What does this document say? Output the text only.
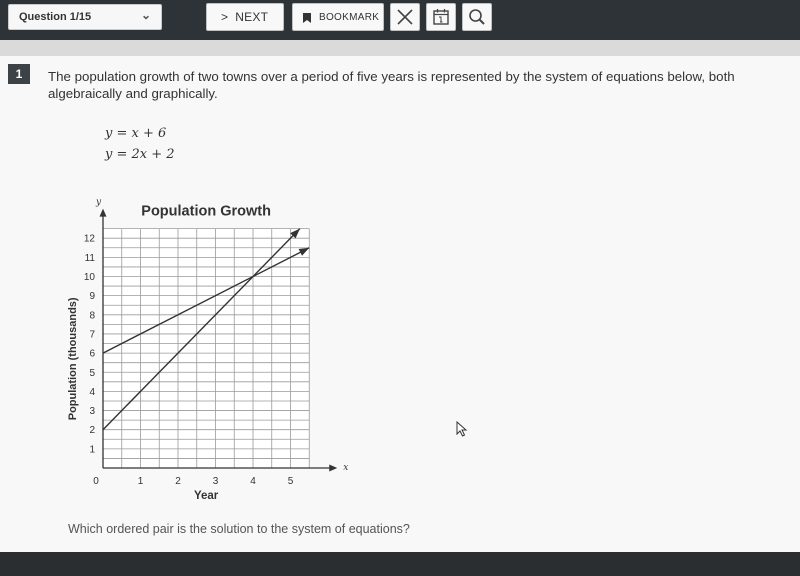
Question 1/15	⌄	> NEXT	BOOKMARK
1	The population growth of two towns over a period of five years is represented by the system of equations below, both algebraically and graphically.
y = x + 6
y = 2x + 2
x
y
0	1	2	3	4	5
1
2
3
4
5
6
7
8
9
10
11
12
Population Growth
Year
Population (thousands)
Which ordered pair is the solution to the system of equations?
